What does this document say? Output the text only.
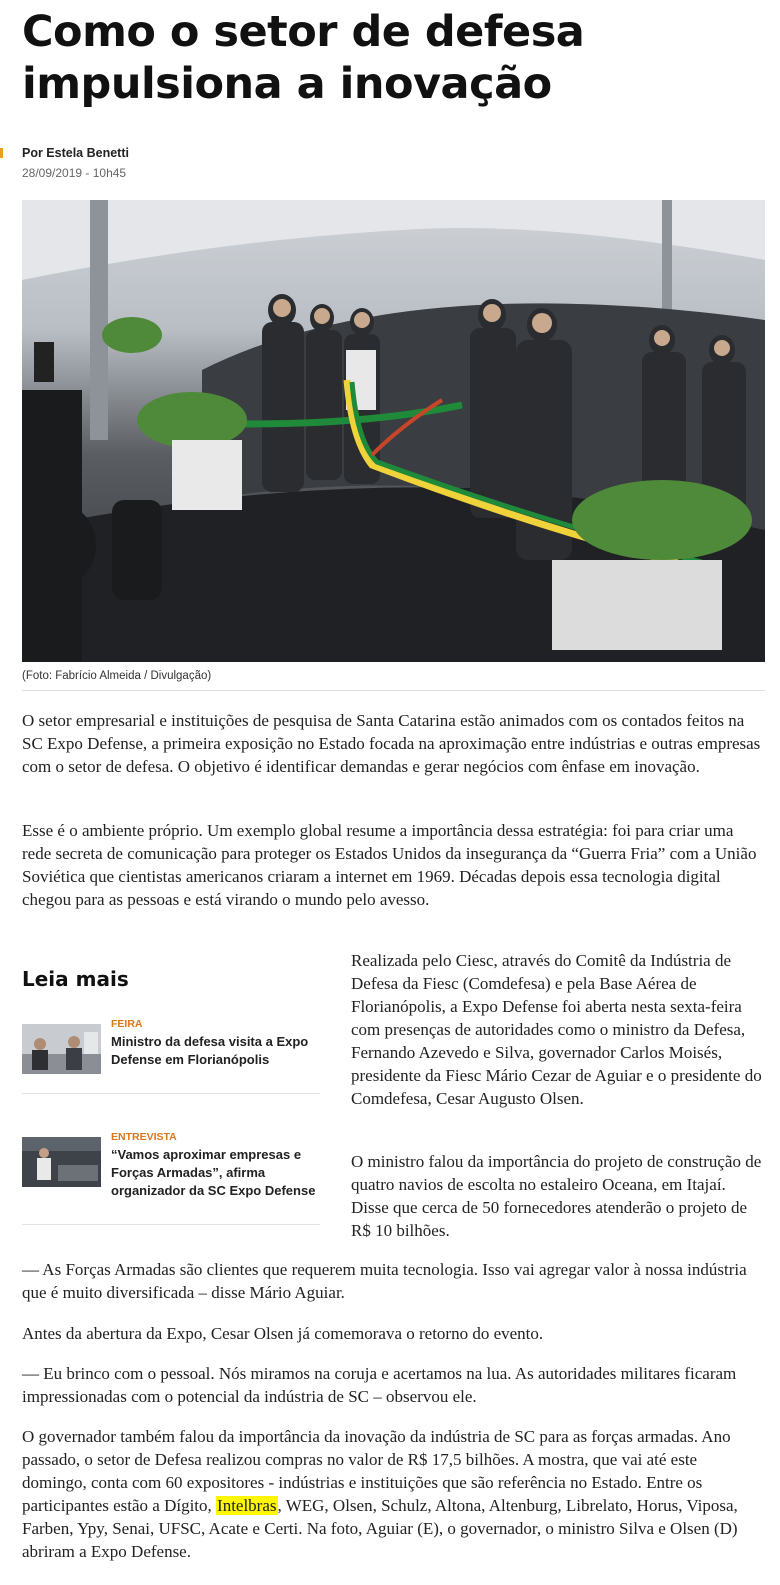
Como o setor de defesa impulsiona a inovação
Por Estela Benetti
28/09/2019 - 10h45
(Foto: Fabrício Almeida / Divulgação)

O setor empresarial e instituições de pesquisa de Santa Catarina estão animados com os contados feitos na SC Expo Defense, a primeira exposição no Estado focada na aproximação entre indústrias e outras empresas com o setor de defesa. O objetivo é identificar demandas e gerar negócios com ênfase em inovação.

Esse é o ambiente próprio. Um exemplo global resume a importância dessa estratégia: foi para criar uma rede secreta de comunicação para proteger os Estados Unidos da insegurança da “Guerra Fria” com a União Soviética que cientistas americanos criaram a internet em 1969. Décadas depois essa tecnologia digital chegou para as pessoas e está virando o mundo pelo avesso.

Leia mais
FEIRA
Ministro da defesa visita a Expo Defense em Florianópolis
ENTREVISTA
“Vamos aproximar empresas e Forças Armadas”, afirma organizador da SC Expo Defense

Realizada pelo Ciesc, através do Comitê da Indústria de Defesa da Fiesc (Comdefesa) e pela Base Aérea de Florianópolis, a Expo Defense foi aberta nesta sexta-feira com presenças de autoridades como o ministro da Defesa, Fernando Azevedo e Silva, governador Carlos Moisés, presidente da Fiesc Mário Cezar de Aguiar e o presidente do Comdefesa, Cesar Augusto Olsen.

O ministro falou da importância do projeto de construção de quatro navios de escolta no estaleiro Oceana, em Itajaí. Disse que cerca de 50 fornecedores atenderão o projeto de R$ 10 bilhões.

— As Forças Armadas são clientes que requerem muita tecnologia. Isso vai agregar valor à nossa indústria que é muito diversificada – disse Mário Aguiar.

Antes da abertura da Expo, Cesar Olsen já comemorava o retorno do evento.

— Eu brinco com o pessoal. Nós miramos na coruja e acertamos na lua. As autoridades militares ficaram impressionadas com o potencial da indústria de SC – observou ele.

O governador também falou da importância da inovação da indústria de SC para as forças armadas. Ano passado, o setor de Defesa realizou compras no valor de R$ 17,5 bilhões. A mostra, que vai até este domingo, conta com 60 expositores - indústrias e instituições que são referência no Estado. Entre os participantes estão a Dígito, Intelbras, WEG, Olsen, Schulz, Altona, Altenburg, Librelato, Horus, Viposa, Farben, Ypy, Senai, UFSC, Acate e Certi. Na foto, Aguiar (E), o governador, o ministro Silva e Olsen (D) abriram a Expo Defense.
